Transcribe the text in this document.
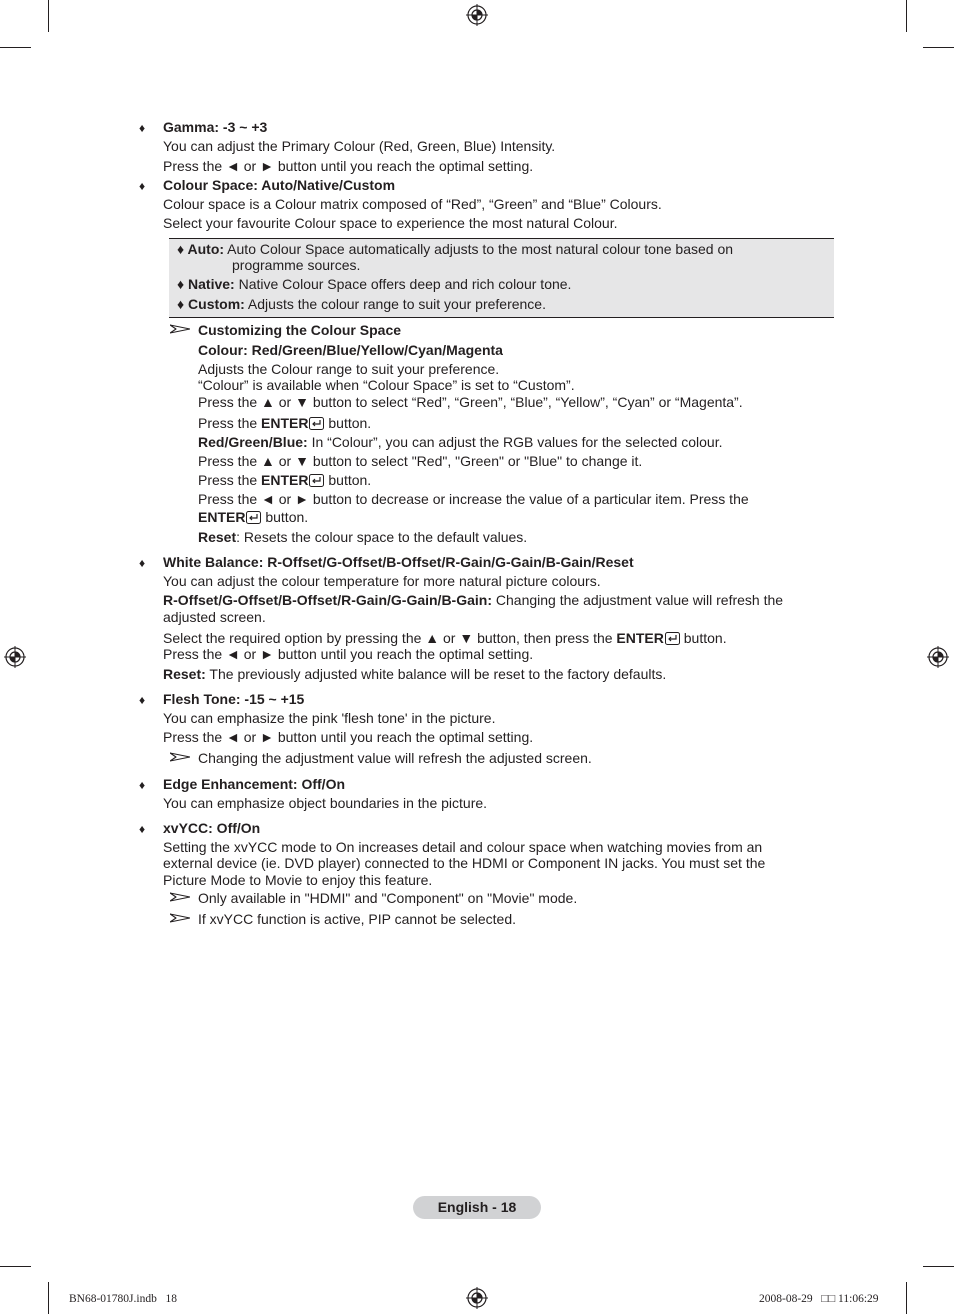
♦ Gamma: -3 ~ +3
You can adjust the Primary Colour (Red, Green, Blue) Intensity.
Press the ◄ or ► button until you reach the optimal setting.
♦ Colour Space: Auto/Native/Custom
Colour space is a Colour matrix composed of “Red”, “Green” and “Blue” Colours.
Select your favourite Colour space to experience the most natural Colour.
♦ Auto: Auto Colour Space automatically adjusts to the most natural colour tone based on
programme sources.
♦ Native: Native Colour Space offers deep and rich colour tone.
♦ Custom: Adjusts the colour range to suit your preference.
Customizing the Colour Space
Colour: Red/Green/Blue/Yellow/Cyan/Magenta
Adjusts the Colour range to suit your preference.
“Colour” is available when “Colour Space” is set to “Custom”.
Press the ▲ or ▼ button to select “Red”, “Green”, “Blue”, “Yellow”, “Cyan” or “Magenta”.
Press the ENTER button.
Red/Green/Blue: In “Colour”, you can adjust the RGB values for the selected colour.
Press the ▲ or ▼ button to select "Red", "Green" or "Blue" to change it.
Press the ENTER button.
Press the ◄ or ► button to decrease or increase the value of a particular item. Press the
ENTER button.
Reset: Resets the colour space to the default values.
♦ White Balance: R-Offset/G-Offset/B-Offset/R-Gain/G-Gain/B-Gain/Reset
You can adjust the colour temperature for more natural picture colours.
R-Offset/G-Offset/B-Offset/R-Gain/G-Gain/B-Gain: Changing the adjustment value will refresh the
adjusted screen.
Select the required option by pressing the ▲ or ▼ button, then press the ENTER button.
Press the ◄ or ► button until you reach the optimal setting.
Reset: The previously adjusted white balance will be reset to the factory defaults.
♦ Flesh Tone: -15 ~ +15
You can emphasize the pink 'flesh tone' in the picture.
Press the ◄ or ► button until you reach the optimal setting.
Changing the adjustment value will refresh the adjusted screen.
♦ Edge Enhancement: Off/On
You can emphasize object boundaries in the picture.
♦ xvYCC: Off/On
Setting the xvYCC mode to On increases detail and colour space when watching movies from an
external device (ie. DVD player) connected to the HDMI or Component IN jacks. You must set the
Picture Mode to Movie to enjoy this feature.
Only available in "HDMI" and "Component" on "Movie" mode.
If xvYCC function is active, PIP cannot be selected.
English - 18
BN68-01780J.indb   18	2008-08-29   □□ 11:06:29
